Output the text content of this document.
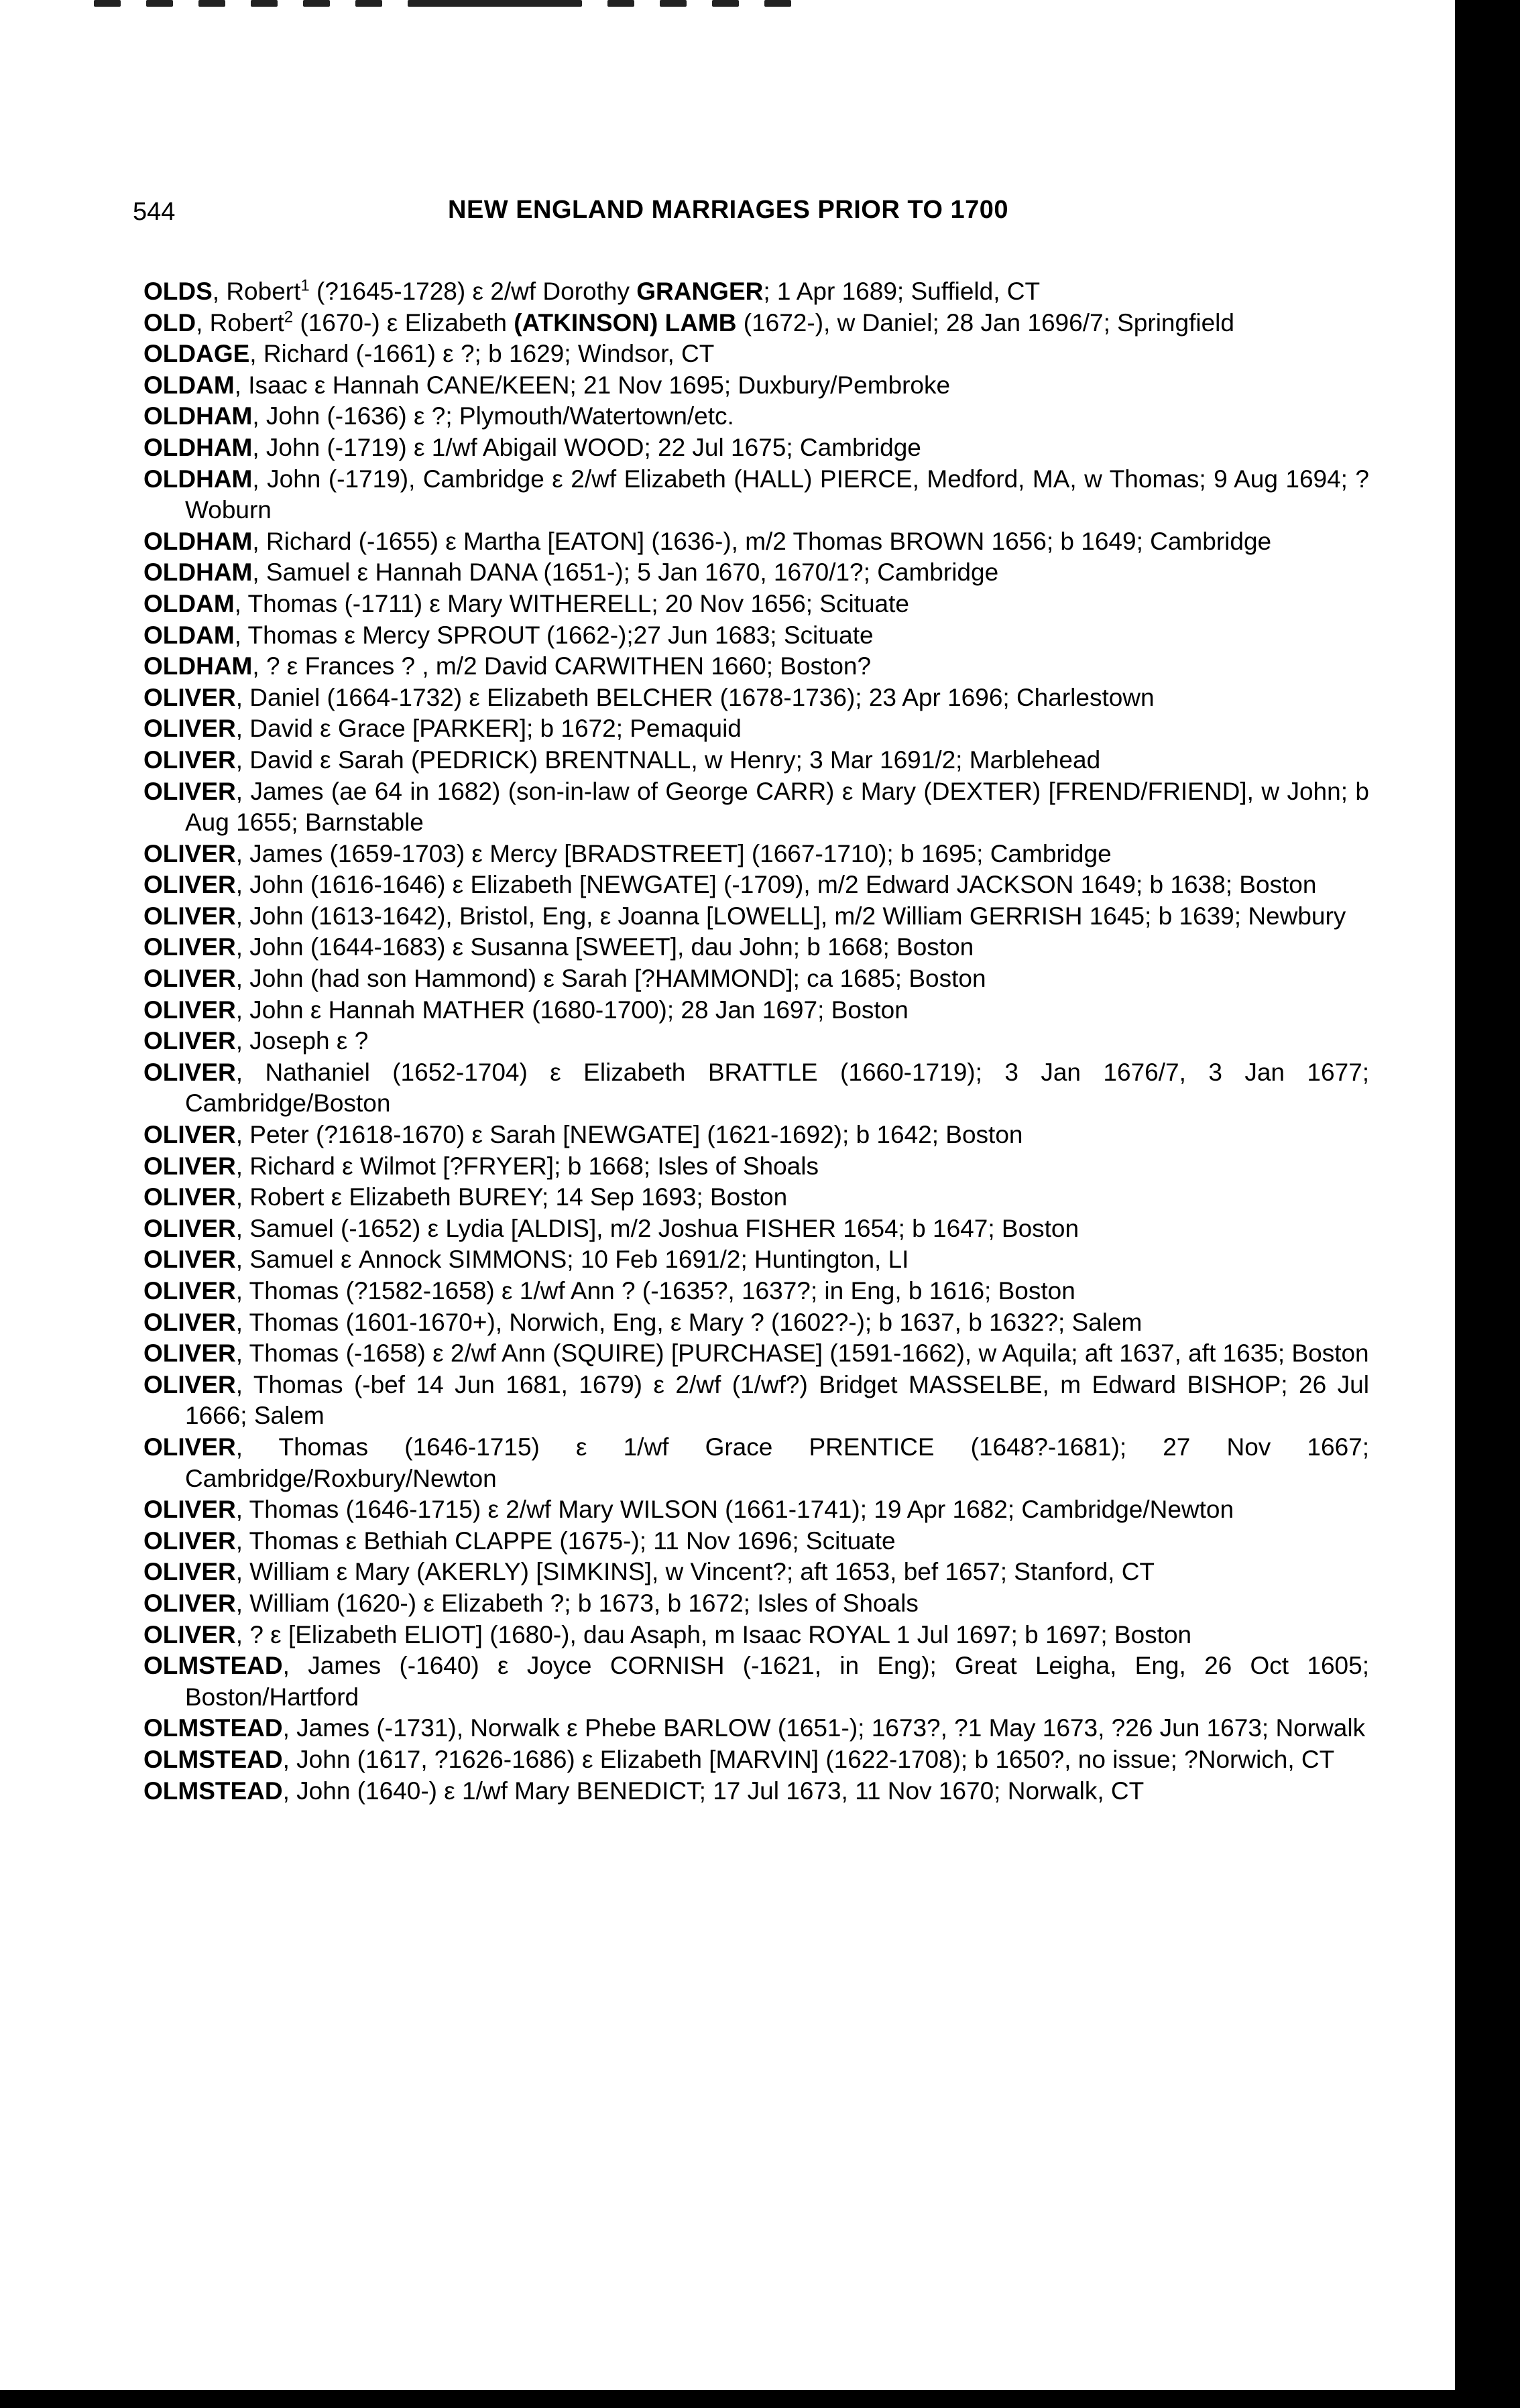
544	NEW ENGLAND MARRIAGES PRIOR TO 1700
OLDS, Robert$^1$ (?1645-1728) ε 2/wf Dorothy GRANGER; 1 Apr 1689; Suffield, CT
OLD, Robert$^2$ (1670-) ε Elizabeth (ATKINSON) LAMB (1672-), w Daniel; 28 Jan 1696/7; Springfield
OLDAGE, Richard (-1661) ε ?; b 1629; Windsor, CT
OLDAM, Isaac ε Hannah CANE/KEEN; 21 Nov 1695; Duxbury/Pembroke
OLDHAM, John (-1636) ε ?; Plymouth/Watertown/etc.
OLDHAM, John (-1719) ε 1/wf Abigail WOOD; 22 Jul 1675; Cambridge
OLDHAM, John (-1719), Cambridge ε 2/wf Elizabeth (HALL) PIERCE, Medford, MA, w Thomas; 9 Aug 1694; ?Woburn
OLDHAM, Richard (-1655) ε Martha [EATON] (1636-), m/2 Thomas BROWN 1656; b 1649; Cambridge
OLDHAM, Samuel ε Hannah DANA (1651-); 5 Jan 1670, 1670/1?; Cambridge
OLDAM, Thomas (-1711) ε Mary WITHERELL; 20 Nov 1656; Scituate
OLDAM, Thomas ε Mercy SPROUT (1662-);27 Jun 1683; Scituate
OLDHAM, ? ε Frances ? , m/2 David CARWITHEN 1660; Boston?
OLIVER, Daniel (1664-1732) ε Elizabeth BELCHER (1678-1736); 23 Apr 1696; Charlestown
OLIVER, David ε Grace [PARKER]; b 1672; Pemaquid
OLIVER, David ε Sarah (PEDRICK) BRENTNALL, w Henry; 3 Mar 1691/2; Marblehead
OLIVER, James (ae 64 in 1682) (son-in-law of George CARR) ε Mary (DEXTER) [FREND/FRIEND], w John; b Aug 1655; Barnstable
OLIVER, James (1659-1703) ε Mercy [BRADSTREET] (1667-1710); b 1695; Cambridge
OLIVER, John (1616-1646) ε Elizabeth [NEWGATE] (-1709), m/2 Edward JACKSON 1649; b 1638; Boston
OLIVER, John (1613-1642), Bristol, Eng, ε Joanna [LOWELL], m/2 William GERRISH 1645; b 1639; Newbury
OLIVER, John (1644-1683) ε Susanna [SWEET], dau John; b 1668; Boston
OLIVER, John (had son Hammond) ε Sarah [?HAMMOND]; ca 1685; Boston
OLIVER, John ε Hannah MATHER (1680-1700); 28 Jan 1697; Boston
OLIVER, Joseph ε ?
OLIVER, Nathaniel (1652-1704) ε Elizabeth BRATTLE (1660-1719); 3 Jan 1676/7, 3 Jan 1677; Cambridge/Boston
OLIVER, Peter (?1618-1670) ε Sarah [NEWGATE] (1621-1692); b 1642; Boston
OLIVER, Richard ε Wilmot [?FRYER]; b 1668; Isles of Shoals
OLIVER, Robert ε Elizabeth BUREY; 14 Sep 1693; Boston
OLIVER, Samuel (-1652) ε Lydia [ALDIS], m/2 Joshua FISHER 1654; b 1647; Boston
OLIVER, Samuel ε Annock SIMMONS; 10 Feb 1691/2; Huntington, LI
OLIVER, Thomas (?1582-1658) ε 1/wf Ann ? (-1635?, 1637?; in Eng, b 1616; Boston
OLIVER, Thomas (1601-1670+), Norwich, Eng, ε Mary ? (1602?-); b 1637, b 1632?; Salem
OLIVER, Thomas (-1658) ε 2/wf Ann (SQUIRE) [PURCHASE] (1591-1662), w Aquila; aft 1637, aft 1635; Boston
OLIVER, Thomas (-bef 14 Jun 1681, 1679) ε 2/wf (1/wf?) Bridget MASSELBE, m Edward BISHOP; 26 Jul 1666; Salem
OLIVER, Thomas (1646-1715) ε 1/wf Grace PRENTICE (1648?-1681); 27 Nov 1667; Cambridge/Roxbury/Newton
OLIVER, Thomas (1646-1715) ε 2/wf Mary WILSON (1661-1741); 19 Apr 1682; Cambridge/Newton
OLIVER, Thomas ε Bethiah CLAPPE (1675-); 11 Nov 1696; Scituate
OLIVER, William ε Mary (AKERLY) [SIMKINS], w Vincent?; aft 1653, bef 1657; Stanford, CT
OLIVER, William (1620-) ε Elizabeth ?; b 1673, b 1672; Isles of Shoals
OLIVER, ? ε [Elizabeth ELIOT] (1680-), dau Asaph, m Isaac ROYAL 1 Jul 1697; b 1697; Boston
OLMSTEAD, James (-1640) ε Joyce CORNISH (-1621, in Eng); Great Leigha, Eng, 26 Oct 1605; Boston/Hartford
OLMSTEAD, James (-1731), Norwalk ε Phebe BARLOW (1651-); 1673?, ?1 May 1673, ?26 Jun 1673; Norwalk
OLMSTEAD, John (1617, ?1626-1686) ε Elizabeth [MARVIN] (1622-1708); b 1650?, no issue; ?Norwich, CT
OLMSTEAD, John (1640-) ε 1/wf Mary BENEDICT; 17 Jul 1673, 11 Nov 1670; Norwalk, CT
